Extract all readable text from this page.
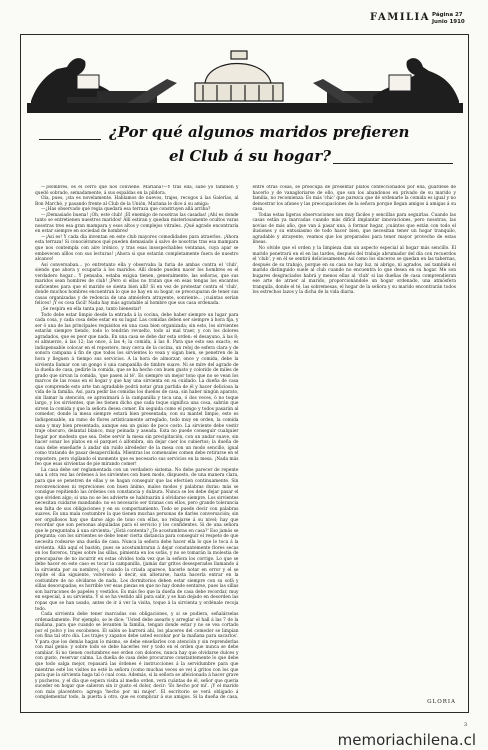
FAMILIA Página 27
Junio 1910
¿Por qué algunos maridos prefieren
el Club á su hogar?

—¡Hombres, es el cerro que nos conviene. Mariana!—Y tras ella, sabe yo también y quedó sobrado, semadamente, á sus espaldas en la píldora.

Oía, pues, ¡sta es novelamente. Hablamos de nuevos, trajes, recogos á las Galerías, al Bon Marché, y pasando frente al Club de la Unión, Mariana le dice á su amiga:

—¿Has observado qué regia quedará esa terraza que construyen allá arriba?

—¡Demasiado buena! ¡Oh, este club! ¡El enemigo de nosotras las casadas! ¡Ahí es donde tanto se entretienen nuestros maridos! Allí estiran y quedan misteriosamente ocultos varas nosotras tres esa gran mampara y esos altos y complejos vitrales. ¡Qué agrado encontraría en estar siempre en sociedad de hombres!

—¡Así es! Y cada día inventan en este club mayores comodidades para atraerlos. ¡Ahora esta terraza! Si conociéramos qué pueden demasiado á salvo de nosotras tras esa mampara que nos contempla con aire irónico, y tras esas insospechables ventanas, cuya apar se embevecen alllos con sus lecturas! ¡Ahora si que estarán completamente fuera de nuestro alcance!

Así conversaban... yo entretanto ella y observaba la furia de ambas contra el 'club', siendo que ahora y ocuparía á los maridos. Allí donde pueden nacer los hombres es el verdadero hogar... Y pensaba, estaba exigua tienen, generalmente, las señoras, que sus maridos sean hombres de club! ¡Pero si ellas no tratan que en esas tengas los encantos suficientes para que el marido se sienta bien allí! Si en vez de protestar contra el 'club', donde muchos hombres encuentran lo que no hay en su hogar, se preocuparan de tener sus casas organizadas y de redoncia de una atmósfera atrayente, sonriente... ¡cuántas serían felices! ¡Y es cosa fácil! Nada hay más agradable al hombre que sus casa ordenada.

¡Se respira en ella tanta paz, tanto bienestar!

Todo debe estar limpio desde la entrada á la cocina, debe haber siempre un lugar para cada cosa, y cada cosa debe estar en su lugar. Las comidas deben ser siempre á hora fija, y ser ó una de las principales requisitos en una casa bien organizada; sin esto, los sirvientes estarán siempre tiendo, todo lo tendrán revuelto, todo al mal traer, y con los dolores agradados, que es peor que nada. En una casa se debe dar esta orden: el desayuno, á las 8; el almuerzo, á las 12; las once, á las 4; la comida, á las 8. Para que esto sea exacto, es indispensable colocar en el repostero, muy cerca de la cocina, un reloj de esfera clara y de sonora campana á fin de que todos los sirvientes lo vean y oigan bien, se penetren de la hora y lleguen á tiempo sus servicios. A la hora de almorzar, once y comida, debe la sirvienta llamar con un gongo ó una campanilla de timbre suave. Ni se mire del agrado de la dueña de casa, pedirle la comida, que se ha hecho con buen gusto y colorido de miles de grado que sirvan la comida, 'que pasen al té'. Es siempre un mejor tono que no se vean los marcos de las rosas en el hogar y que hay una sirvienta en su cuidado. La dueña de casa que comprende esto arte tan agradable podrá notar gran partida de él y hacer deliciosa la vida de la familia. Así, para pedir las comidas los dueños de casa, sin haber ningún aparato, sin llamar la atención, se aproximará á la campanilla y toca una, ó dos veces, ó no toque largo, y los sirvientes, que les tienen dicho que cada toque significa una cosa, sabrán que sirven la comida y que la señora desea comer. En seguida como el pongo y todos pasarán al comedor, donde la mesa siempre estará bien presentada; con su mantel limpio, esto es indispensable, un ramo de flores artísticamente arreglado, todo muy en orden, la comida sana y muy bien presentada, aunque sea un guiso de poco costo. La sirviente debe vestir traje obscuro, delantal blanco, muy peinada y aseada. Esta no puede conseguir cualquier hogar por modesto que sea. Debe servir la mesa sin precipitación, con un andar suave, sin hacer sonar los platos en el parquet ó alfombra, sin dejar caer los cubiertos; la dueña de casa debe enseñarle á andar sin ruido alrededor de la mesa con un modo sencillo, igual como tratando de pasar desapercibida. Mientras los comensales comen debe retirarse en el repostero, pero vigilando el momento que es necesario sus servicios en la mesa. ¡Nada más feo que esas sirvientas de pie mirando comer!

La casa debe ser reglamentada con un verdadero sistema. No debe parecer de repente una ú otra vez las órdenes á los sirvientes con buen modo, dispuesto, de una manera clara, para que se penetren de ellas y se hagan conseguir que las efectúen continuamente. Sin reconvenciones ni repreciones con buen ánimo, malos modos y palabras duras: más se consigue repitiendo las órdenes con constancia y dulzura. Nunca se les debe dejar pasar el que olviden algo; si una no se les advierte se habituarán á olvidarse siempre. Los sirvientes necesitan cuidarse mandando: no es necesario ser tiranas con ellos, pero grande tolerancia sea falta de sus obligaciones y en su comportamiento. Todo se puede decir con palabras suaves. Es una mala costumbre la que tienen muchas personas de darles conversación; sin ser orgullosos hay que darse algo de tono con ellas, no rebajarse á su nivel; hay que recordar que son personas alquiladas para el servicio y los confidentes. Si de una señora que le preguntaba á una sirvienta: '¿Está contenta? ¿Te acostumbras en casa?' Eso jamás se pregunta; con los sirvientes se debe tener cierta distancia para conseguir el respeto de que necesita rodearse una dueña de casa. Nunca la señora debe hacer ella lo que le toca á la sirvienta. Allá aquí el bastón, pues se acostumbraran á dejar constantemente flores secas en los floreros, trajes sobre las sillas, pimienta en los sofás, y no se tomarán la molestia de preocuparse de no incurrir en estas olvidos toda vez que la señora los corrige. Lo que se debe hacer en este caso es tocar la campanilla, (jamás dar gritos desesperados llamando á la sirvienta por su nombre), y cuando la criada aparece, hacerle notar en error y el se repite el día siguiente, volvérselo á decir, sin alterarse, hasta hacerla entrar en la costumbre de no olvidarse de nada. Los dormitorios deben estar siempre con su sofá y sillas desocupadas; es horrible ver esas piezas en que no hay donde sentarse, pues las sillas son barracones de papeles y vestidos. Es más feo que la dueña de casa debe recordar, muy en especial, á su sirvienta. Y si se ha vestido allí para salir, y se han dejado en desorden las ropas que se han usado, antes de ir á ver la visita, toque á la sirvienta y ordénale recoja todo.

Cada sirvienta debe tener marcadas sus obligaciones, y si se pudiera, señalárselas ordenadamente. Por ejemplo, se le dice: 'Usted debe asearlo y arreglar el hall á las 7 de la mañana, para que cuando se levanten la familia, tengan donde estar y no se vea cortado por el polvo y los escobones. El salón se barrerá ahí, los placeres del comedor se limpian con fina tal otro día. Los trajes y zapatos debe usted escobar por la mañana para sacarlos'. Y para que los demás hagan lo mismo, se debe enseñarles con atención y sin reprenderlas con mal genio: y sobre todo se debe hacerles ver y todo en el orden que nunca se debe cambiar. Si no tienen costumbres ese orden con dolores, nunca hay que olvidarse dulces y con gusto, reservar calma. La dueña de casa debe procurarse constantemente lo que debe que todo salga mejor, repasará las órdenes é instrucciones á la servidumbre para que mientras esté los visites no esté la señora (como muchas veces se ve) á gritos con los que para que la sirvienta haga tal ó cual cosa. Además, si la señora se afeicionada á hacer grave y pucheros, y el día que espera visita al medio orden, verá cuántas de él, señor que quería suceder en hogar que salieron sin ir gusto el dolor, decir: 'Es hecho por mí'. ¡Y el marido con más placentero: agrega 'hecho por mi mujer'. El escritorio se verá obligado á complementar todo, la puerta á otro, que es complicar á sus amigos. Si la dueña de casa, entre otras cosas, se preocupa de presentar platos confeccionados por ella, guárdese de hacerlo y de vanagloriarse de ello, que son los abandonos en privado de su marido y familia, no recomienza. Es más 'chic' que parezca que dé ordenarle la comida es igual y no demostrar los afanes y las preocupaciones de la señora porque llegan amigos á amigas á su casa.

Todas estas ligeras observaciones son muy fáciles y sencillas para seguirlas. Cuando las casas están ya marcadas cuando más difícil implantar innovaciones, pero nosotras, las novias de más año, que van á pasar una, á formar hogar, ¡cuántos que están con todo el ilusiones y su entusiasmo de todo hacer bien, que necesitan tener un hogar tranquilo, agradable y atrayente, veamos que los preparados para tener mayor provecho de estas líneas.

No olvide que el orden y la limpieza dan un aspecto especial al hogar más sencillo. El marido penetrará en el en las tardes, después del trabajo abrumador del día con recuerdos el 'club', y en él se sentirá deliciosamente. Así como los sinceros se quedan en las tabernas, después de su trabajo, porque en su casa no hay luz, ni abrigo, ni agrados, así también el marido distinguido suele al club cuando no encuentra lo que desea en su hogar. Me son bugares desgraciados habrá y menos ellas al 'club' si las dueñas de casa comprendieran ese arte de atraer al marido, proporcionándole un hogar ordenado, una atmósfera tranquila, donde el té, las sobremesas, el hogar de la señora y su marido encontrarán todos los estrechos lazos y la dicha de la vida diaria.

GLORIA
3
memoriachilena.cl
